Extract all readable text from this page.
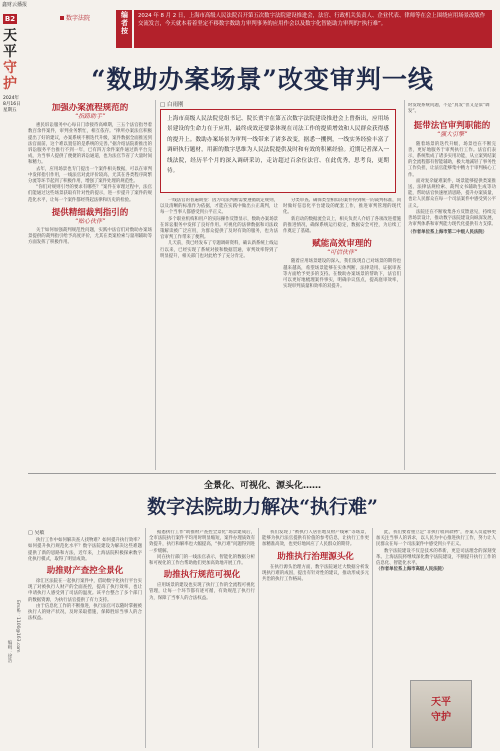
鑫财云播报
B2	数字法院	编者按	2024 年 8 月 2 日，上海市高级人民法院召开第五次数字法院建设推进会，法官、行政机关负责人、企业代表、律师等在会上围绕应用场景改版作交流发言，今天就本着着坚定不移数字数助力审判事务的应用作会以及数字化智能助力审判的“执行难”。
天
平
守
护
2024年
8月16日
星期五
编辑：徐浩 Email：1100@163.com
“数助办案场景”改变审判一线
□ 白雨刚
上海市高级人民法院党组书记、院长贾宇在第五次数字法院建设推进会上曾指出，应用场景建设的生命力在于应用，最终成效还要靠体现在司法工作的提质增效和人民群众获得感的提升上。数助办案场景为审判一线带来了诸多改变，据悉一攫例，一线实务经验丰富了调研执行题材，用新的数字思维为人民法院提供及时和有效的积累经验。近期记者深入一线法院，经历半个月的深入调研采访，走访超过百余位法官、在此优秀，思考良，更期待。
加强办案流程规范的
“指路助手”

惠民诉讼服务中心每日门诊接待高峰期，三五个法官指导着数百余件案件，审判业务繁忙，相互依存。“律所办案法官积极提出了好的建议，办案系统不断迭代升级，案件数据全面推送到法官面前，这个难以置信的是系统的完善。”据介绍法院新推出的诉讼服务平台推行不到一年，已有四万余件案件通过新平台完成，为当事人提供了便捷的诉讼通道，也为法官节省了大量时间和精力。

去年，应用场景也专门提出一个案件相关数据，可以在审判中发挥指引作用，一线法官对此评价较高，尤其在各类程序简繁分流等环节起到了积极作用，增强了案件处理的规范性。

“你们对规则引导的要求有哪些？”案件在审理过程中，法官们能通过这些场景获取有针对性的提示，进一步提升了案件的规范化水平，让每一个案件都经得起法律和历史的检验。

提供精细裁判指引的
“贴心伙伴”

关于如何加强裁判规范性问题，实践中法官们对数助办案场景提供的裁判指引给予高度评价，尤其在类案检索与量刑辅助等方面发挥了积极作用。

一线法官的普遍期望：因为司法判断需要遵循既定规则，以及清晰的标准作为依据，才能在实践中做出公正裁判，让每一个当事人都感受到公平正义。

多个职业机构和用户的实际操作反馈显示，数助办案场景在诉讼服务中发挥了良好作用。可视化的法律数据和司法政策解读被广泛应用，为群众提供了及时有效的服务，也为法官审判工作带来了便利。

儿天前，我已经发布了专题调研资料，确认新系统上线运行以来，已经实现了系统对接和数据贯通，审判效率得到了明显提升，相关部门也对此给予了充分肯定。

分类审查。确保类型相似的案件得到统一的裁判标准，同时做好信息化平台建设的配套工作，推进审判管理的现代化。

新启动的数据流会议上，相关负责人介绍了各项改进措施的推进情况，确保系统运行稳定，数据安全可控，为后续工作奠定了基础。

赋能高效审理的
“可信伙伴”

随着应用场景建设的深入，我们发现自己对场景的期待也越来越高，希望场景能够在实体判断、法律适用、证据审查等方面给予更多的支持。在数助办案场景的帮助下，法官们可以更好地梳理案件事实，明确争议焦点，提高庭审效率，实现审判质量和效率的双提升。

时发现系统问题，不是“真发”但又是似“调发”。

挺带法官审判职能的
“强大引擎”

随着场景的迭代升级，场景也在不断完善，更好地服务于审判执行工作。法官们表示，系统集成了诸多实用功能，从立案到结案的全流程都有智能辅助，极大地减轻了事务性工作负担，让法官能够集中精力于审判核心工作。

面对复杂疑难案件，场景能够提供类案推送、法律法规检索、裁判文书辅助生成等功能，帮助法官快速厘清思路，提升办案质量，也让人民群众在每一个司法案件中感受到公平正义。

法院还在不断收集各方反馈意见，持续完善场景设计，推动数字法院建设向纵深发展，为审判体系和审判能力现代化提供有力支撑。

（作者单位系上海市第二中级人民法院）

全景化、可视化、源头化……
数字法院助力解决“执行难”

□ 吴敏

执行工作中如何解决查人找物难？如何提升执行效率？如何提升执行规范化水平？数字法院建设为解决这些难题提供了新的思路和方法，近年来，上海法院积极探索数字化执行模式，取得了明显成效。

助推财产查控全景化

徐汇区法院在一起执行案件中，借助数字化执行平台实现了对被执行人财产的全面查控，提高了执行效率，也让申请执行人感受到了司法的温度。该平台整合了多个部门的数据资源，为执行法官提供了有力支持。

由于信息化工作的不断推进，执行法官可以随时掌握被执行人的财产状况，及时采取措施，保障胜诉当事人的合法权益。

据悉执行工作“助推财产查控全景化”场景建成后，全市法院执行案件平均用时明显缩短，案件办理质效有效提升，执行和解率也大幅提高，“执行难”问题得到进一步缓解。

同在执行部门的一线法官表示，智能化的数据分析和可视化的工作台帮助他们更加高效地开展工作。

助推执行规范可视化

应用场景的建设也实现了执行工作的全流程可视化管理，让每一个环节都有迹可循，有效规范了执行行为，保障了当事人的合法权益。

我们发现了“被执行人居住地及财产线索”等场景，能够为执行法官提供有价值的参考信息，让执行工作更加精准高效，也更好地回应了人民群众的期待。

助推执行治理源头化

在执行源头治理方面，数字法院通过大数据分析发现执行难的成因，提出有针对性的建议，推动形成多元共治的执行工作格局。

此，我们要着重立足“非执行收回款物”，办案人员能够更加关注当事人的诉求，以人民为中心推进执行工作，努力让人民群众在每一个司法案件中感受到公平正义。

数字法院建设不仅是技术的革新，更是司法理念的深刻变革。上海法院将继续深化数字法院建设，不断提升执行工作的信息化、智能化水平。

（作者单位系上海市高级人民法院）

天平
守护
